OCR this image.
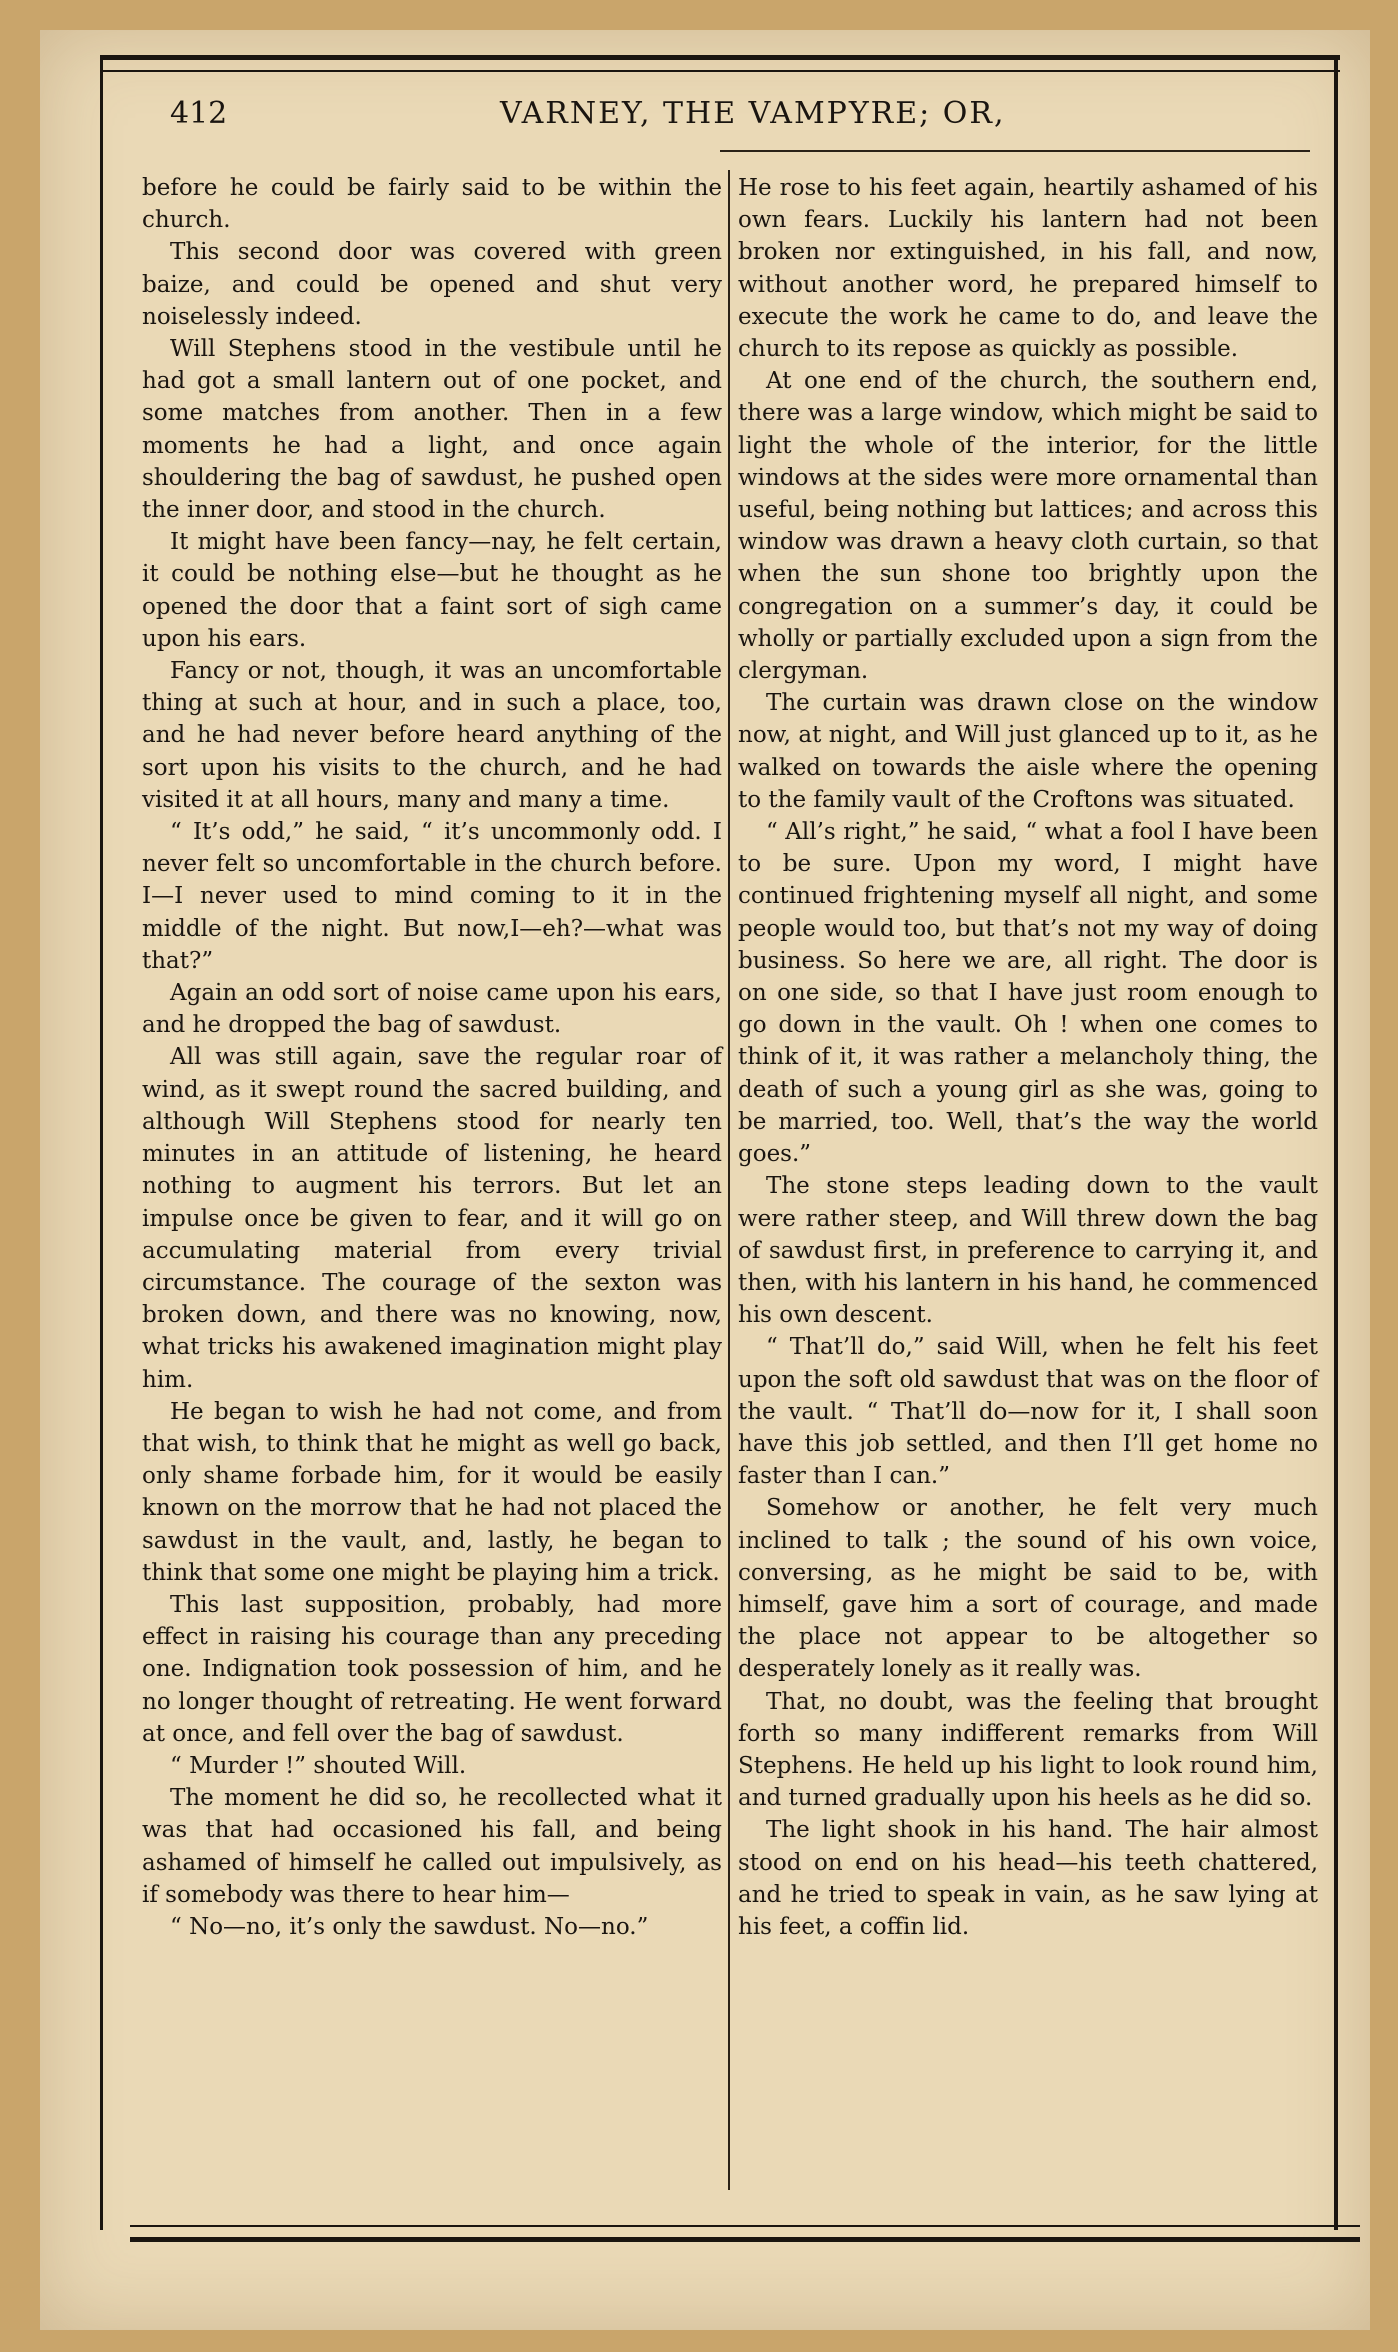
412	VARNEY, THE VAMPYRE; OR,

before he could be fairly said to be within the church.

This second door was covered with green baize, and could be opened and shut very noiselessly indeed.

Will Stephens stood in the vestibule until he had got a small lantern out of one pocket, and some matches from another. Then in a few moments he had a light, and once again shouldering the bag of sawdust, he pushed open the inner door, and stood in the church.

It might have been fancy—nay, he felt certain, it could be nothing else—but he thought as he opened the door that a faint sort of sigh came upon his ears.

Fancy or not, though, it was an uncomfortable thing at such at hour, and in such a place, too, and he had never before heard anything of the sort upon his visits to the church, and he had visited it at all hours, many and many a time.

“ It’s odd,” he said, “ it’s uncommonly odd. I never felt so uncomfortable in the church before. I—I never used to mind coming to it in the middle of the night. But now,I—eh?—what was that?”

Again an odd sort of noise came upon his ears, and he dropped the bag of sawdust.

All was still again, save the regular roar of wind, as it swept round the sacred building, and although Will Stephens stood for nearly ten minutes in an attitude of listening, he heard nothing to augment his terrors. But let an impulse once be given to fear, and it will go on accumulating material from every trivial circumstance. The courage of the sexton was broken down, and there was no knowing, now, what tricks his awakened imagination might play him.

He began to wish he had not come, and from that wish, to think that he might as well go back, only shame forbade him, for it would be easily known on the morrow that he had not placed the sawdust in the vault, and, lastly, he began to think that some one might be playing him a trick.

This last supposition, probably, had more effect in raising his courage than any preceding one. Indignation took possession of him, and he no longer thought of retreating. He went forward at once, and fell over the bag of sawdust.

“ Murder !” shouted Will.

The moment he did so, he recollected what it was that had occasioned his fall, and being ashamed of himself he called out impulsively, as if somebody was there to hear him—

“ No—no, it’s only the sawdust. No—no.”

He rose to his feet again, heartily ashamed of his own fears. Luckily his lantern had not been broken nor extinguished, in his fall, and now, without another word, he prepared himself to execute the work he came to do, and leave the church to its repose as quickly as possible.

At one end of the church, the southern end, there was a large window, which might be said to light the whole of the interior, for the little windows at the sides were more ornamental than useful, being nothing but lattices; and across this window was drawn a heavy cloth curtain, so that when the sun shone too brightly upon the congregation on a summer’s day, it could be wholly or partially excluded upon a sign from the clergyman.

The curtain was drawn close on the window now, at night, and Will just glanced up to it, as he walked on towards the aisle where the opening to the family vault of the Croftons was situated.

“ All’s right,” he said, “ what a fool I have been to be sure. Upon my word, I might have continued frightening myself all night, and some people would too, but that’s not my way of doing business. So here we are, all right. The door is on one side, so that I have just room enough to go down in the vault. Oh ! when one comes to think of it, it was rather a melancholy thing, the death of such a young girl as she was, going to be married, too. Well, that’s the way the world goes.”

The stone steps leading down to the vault were rather steep, and Will threw down the bag of sawdust first, in preference to carrying it, and then, with his lantern in his hand, he commenced his own descent.

“ That’ll do,” said Will, when he felt his feet upon the soft old sawdust that was on the floor of the vault. “ That’ll do—now for it, I shall soon have this job settled, and then I’ll get home no faster than I can.”

Somehow or another, he felt very much inclined to talk ; the sound of his own voice, conversing, as he might be said to be, with himself, gave him a sort of courage, and made the place not appear to be altogether so desperately lonely as it really was.

That, no doubt, was the feeling that brought forth so many indifferent remarks from Will Stephens. He held up his light to look round him, and turned gradually upon his heels as he did so.

The light shook in his hand. The hair almost stood on end on his head—his teeth chattered, and he tried to speak in vain, as he saw lying at his feet, a coffin lid.
